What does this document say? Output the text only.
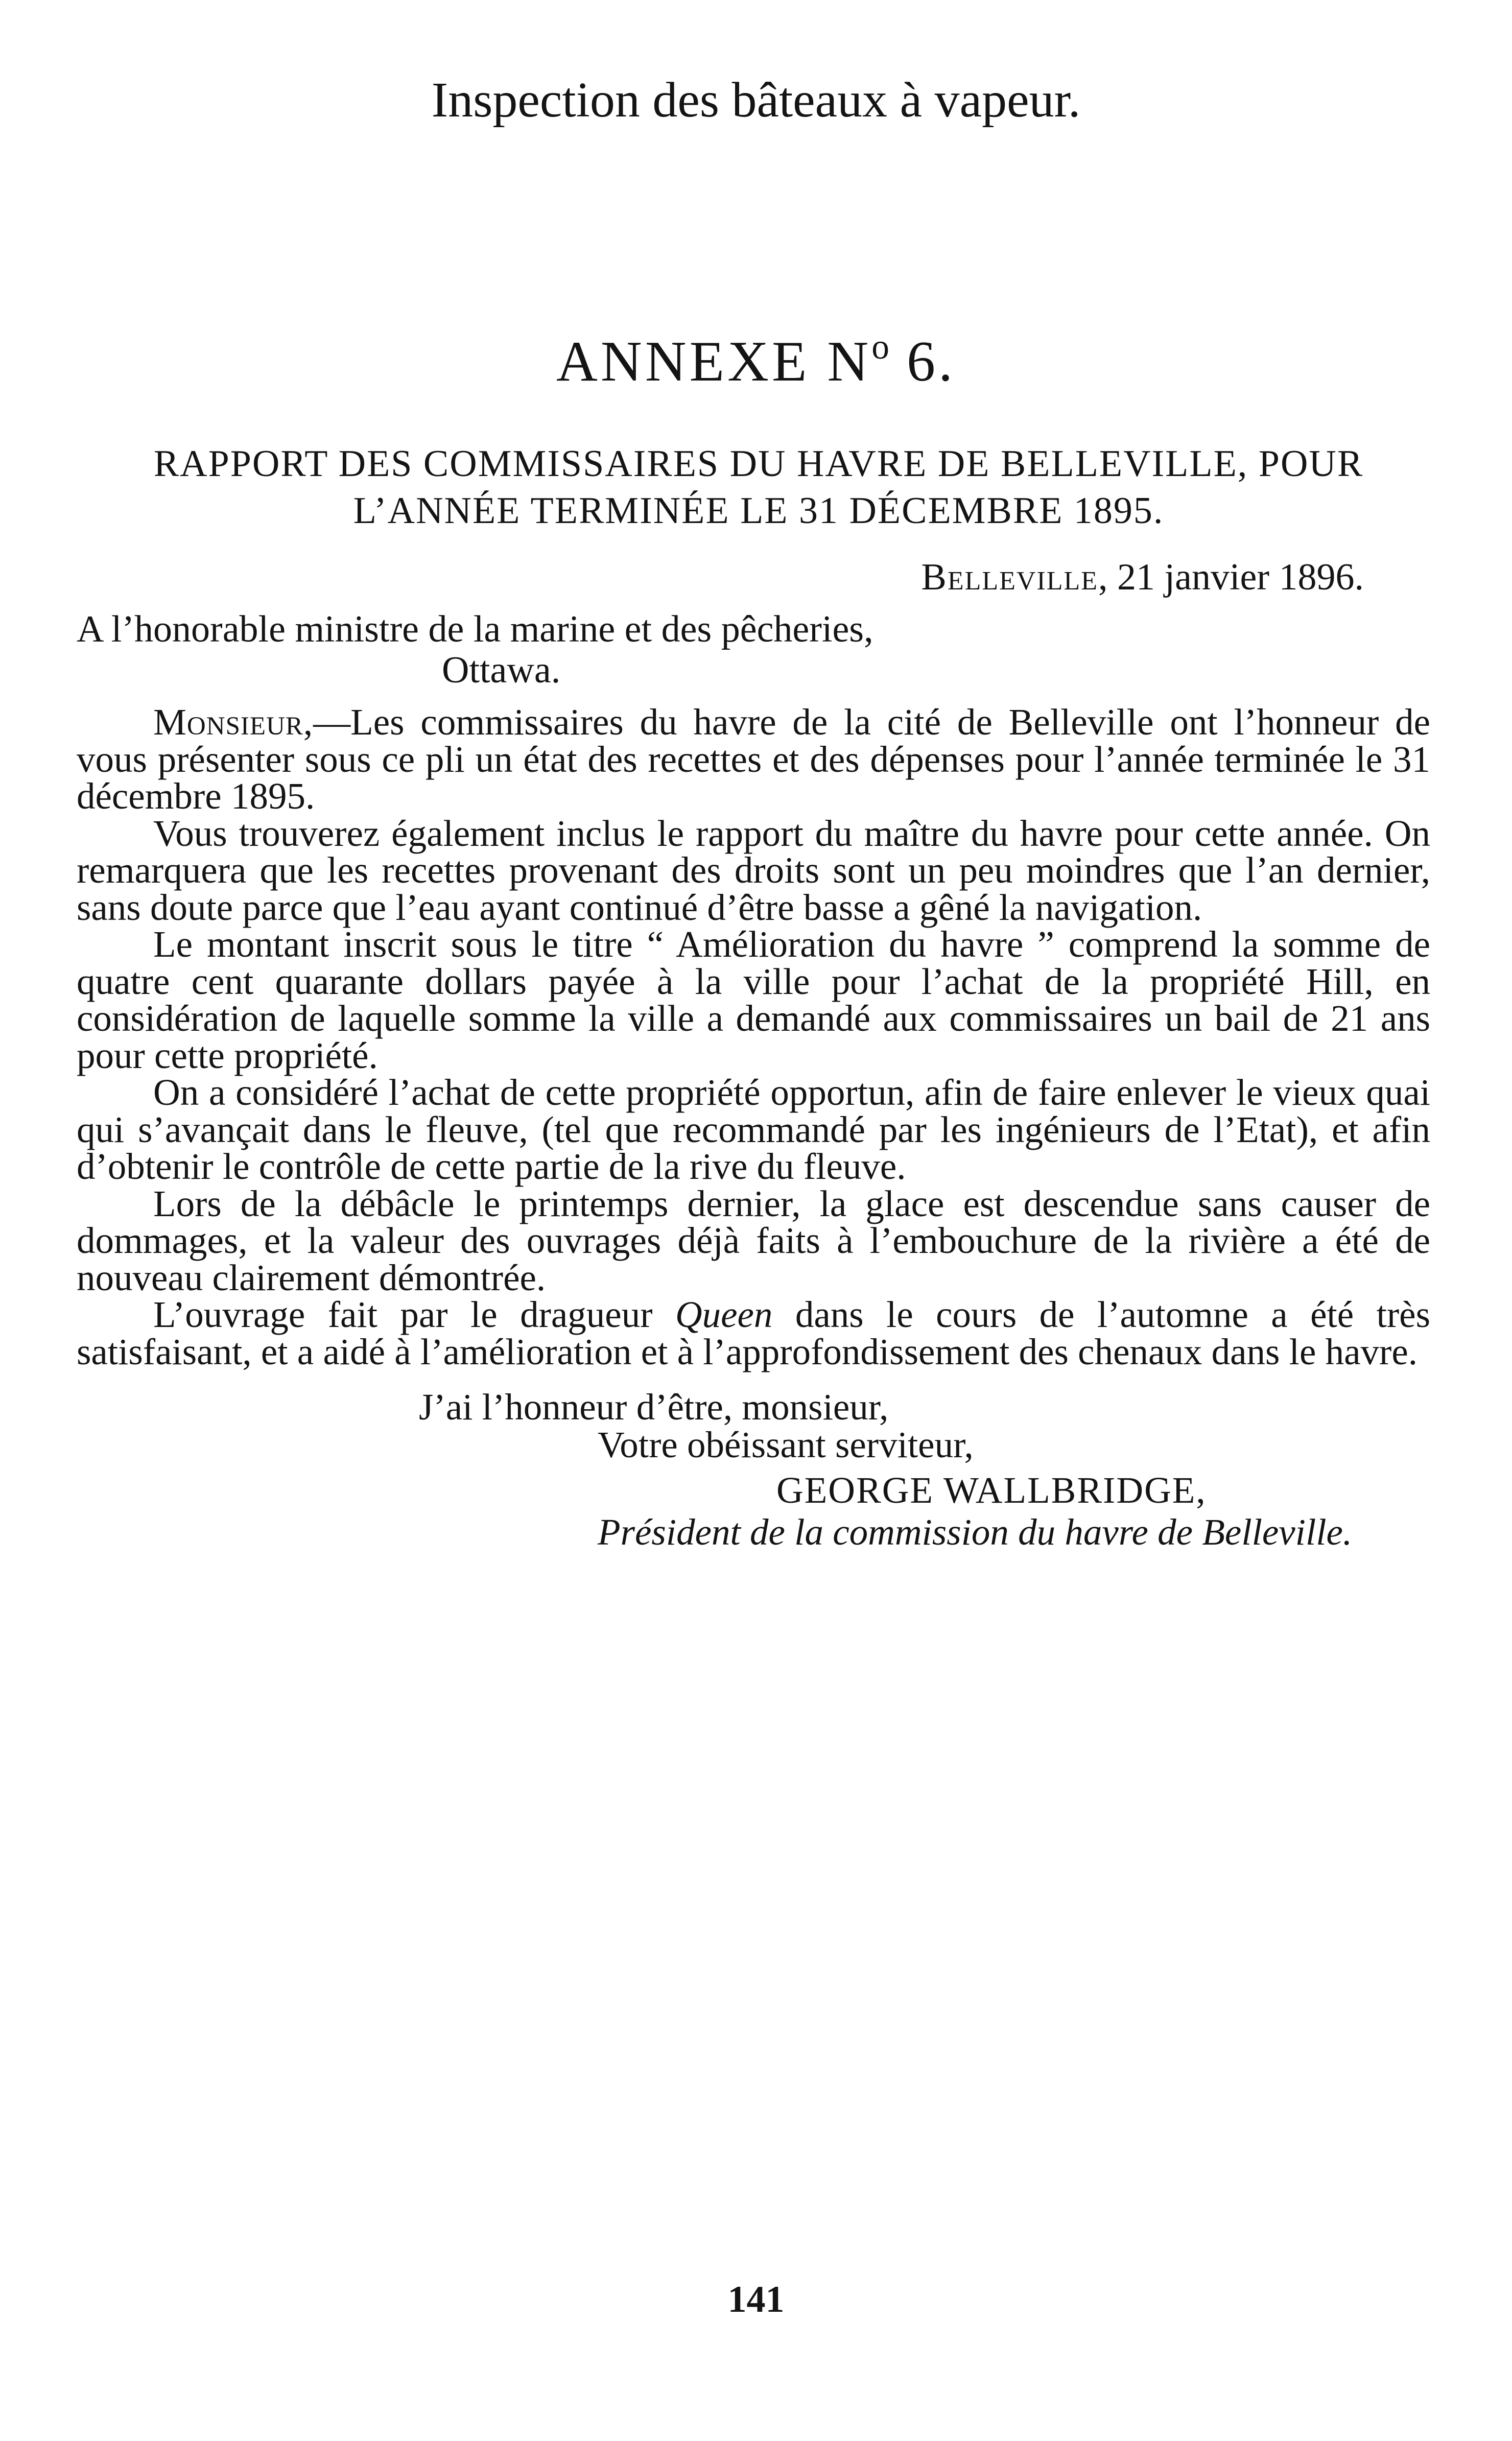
Inspection des bâteaux à vapeur.
ANNEXE $N^o$ 6.
RAPPORT DES COMMISSAIRES DU HAVRE DE BELLEVILLE, POUR
L’ANNÉE TERMINÉE LE 31 DÉCEMBRE 1895.
Belleville, 21 janvier 1896.
A l’honorable ministre de la marine et des pêcheries,
Ottawa.

Monsieur,—Les commissaires du havre de la cité de Belleville ont l’honneur de vous présenter sous ce pli un état des recettes et des dépenses pour l’année terminée le 31 décembre 1895.

Vous trouverez également inclus le rapport du maître du havre pour cette année. On remarquera que les recettes provenant des droits sont un peu moindres que l’an dernier, sans doute parce que l’eau ayant continué d’être basse a gêné la navigation.

Le montant inscrit sous le titre “ Amélioration du havre ” comprend la somme de quatre cent quarante dollars payée à la ville pour l’achat de la propriété Hill, en considération de laquelle somme la ville a demandé aux commissaires un bail de 21 ans pour cette propriété.

On a considéré l’achat de cette propriété opportun, afin de faire enlever le vieux quai qui s’avançait dans le fleuve, (tel que recommandé par les ingénieurs de l’Etat), et afin d’obtenir le contrôle de cette partie de la rive du fleuve.

Lors de la débâcle le printemps dernier, la glace est descendue sans causer de dommages, et la valeur des ouvrages déjà faits à l’embouchure de la rivière a été de nouveau clairement démontrée.

L’ouvrage fait par le dragueur Queen dans le cours de l’automne a été très satisfaisant, et a aidé à l’amélioration et à l’approfondissement des chenaux dans le havre.

J’ai l’honneur d’être, monsieur,
Votre obéissant serviteur,
GEORGE WALLBRIDGE,
Président de la commission du havre de Belleville.
141
